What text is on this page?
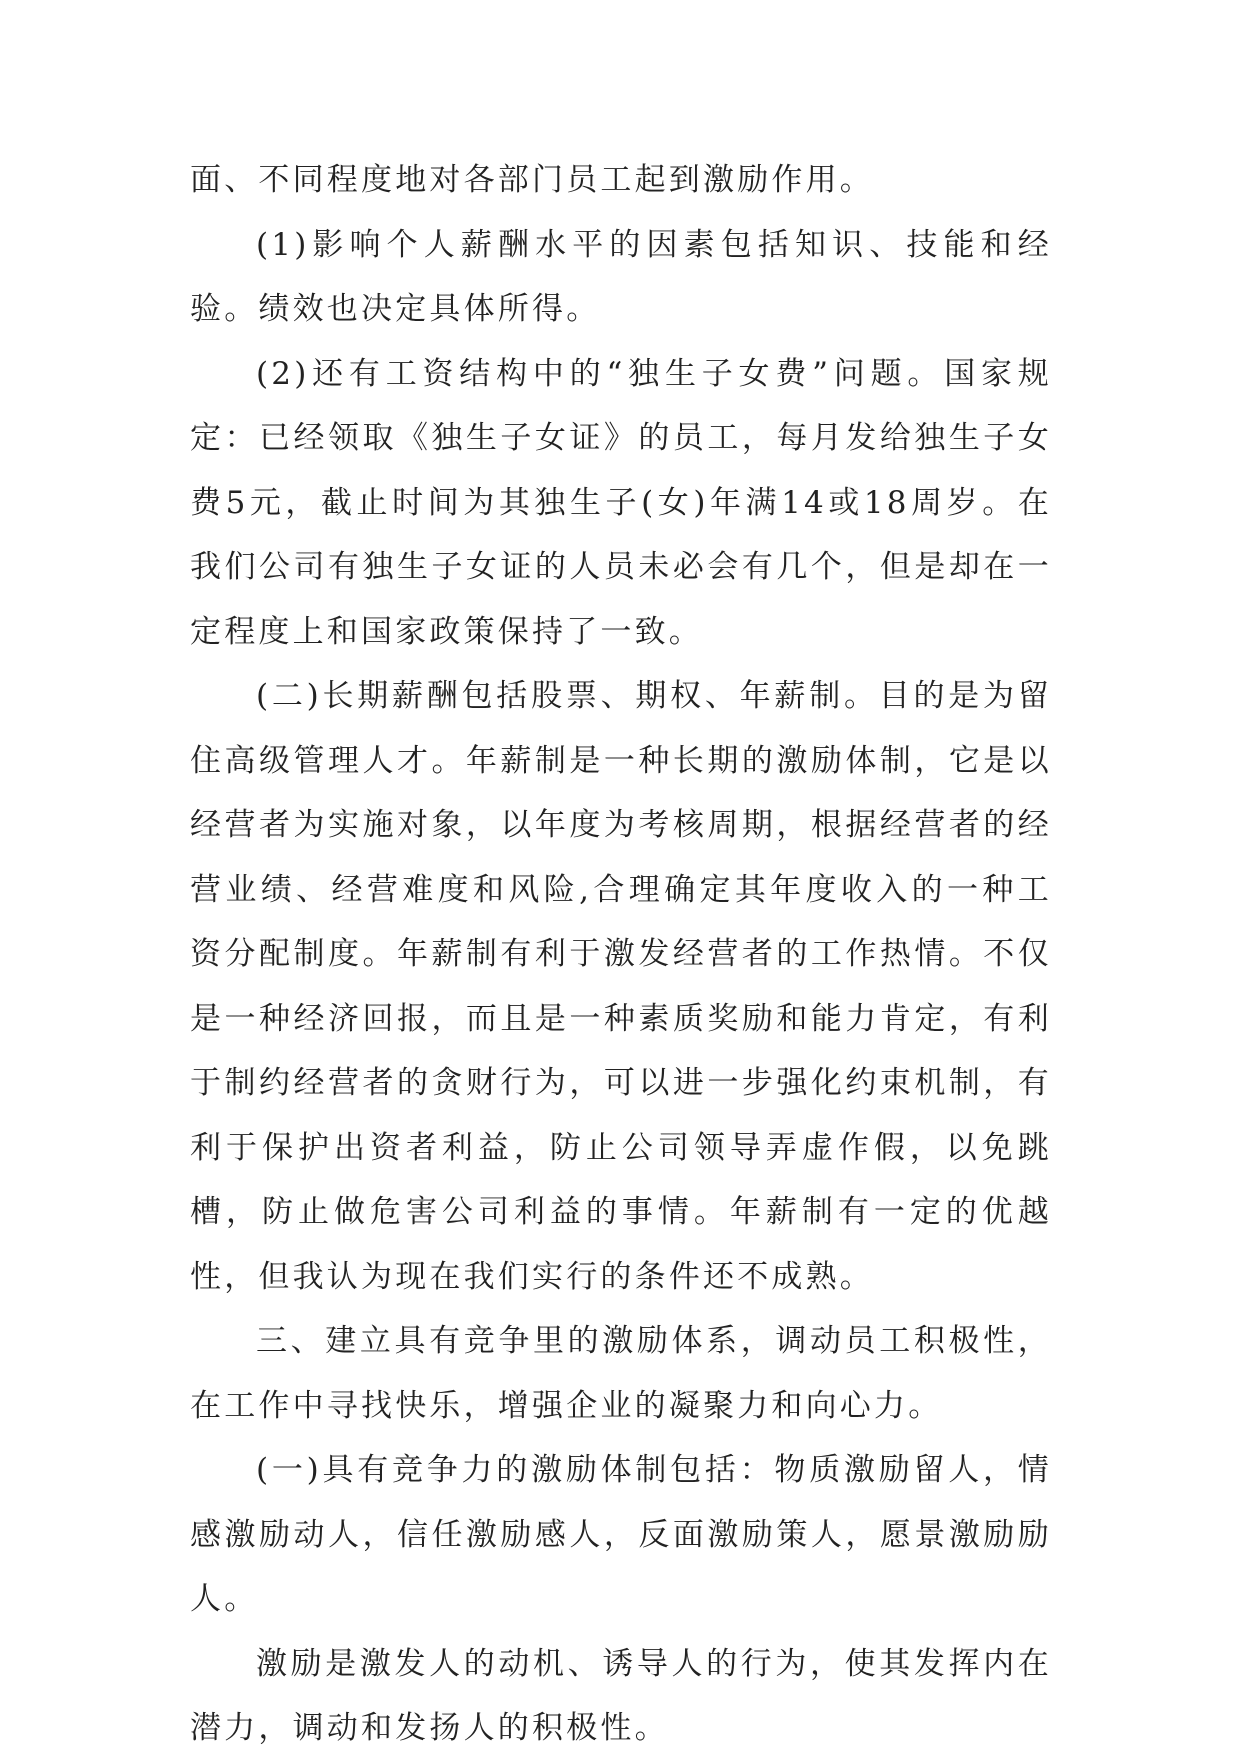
面、不同程度地对各部门员工起到激励作用。

(1)影响个人薪酬水平的因素包括知识、技能和经验。绩效也决定具体所得。

(2)还有工资结构中的“独生子女费”问题。国家规定：已经领取《独生子女证》的员工，每月发给独生子女费5元，截止时间为其独生子(女)年满14或18周岁。在我们公司有独生子女证的人员未必会有几个，但是却在一定程度上和国家政策保持了一致。

(二)长期薪酬包括股票、期权、年薪制。目的是为留住高级管理人才。年薪制是一种长期的激励体制，它是以经营者为实施对象，以年度为考核周期，根据经营者的经营业绩、经营难度和风险,合理确定其年度收入的一种工资分配制度。年薪制有利于激发经营者的工作热情。不仅是一种经济回报，而且是一种素质奖励和能力肯定，有利于制约经营者的贪财行为，可以进一步强化约束机制，有利于保护出资者利益，防止公司领导弄虚作假，以免跳槽，防止做危害公司利益的事情。年薪制有一定的优越性，但我认为现在我们实行的条件还不成熟。

三、建立具有竞争里的激励体系，调动员工积极性，在工作中寻找快乐，增强企业的凝聚力和向心力。

(一)具有竞争力的激励体制包括：物质激励留人，情感激励动人，信任激励感人，反面激励策人，愿景激励励人。

激励是激发人的动机、诱导人的行为，使其发挥内在潜力，调动和发扬人的积极性。
